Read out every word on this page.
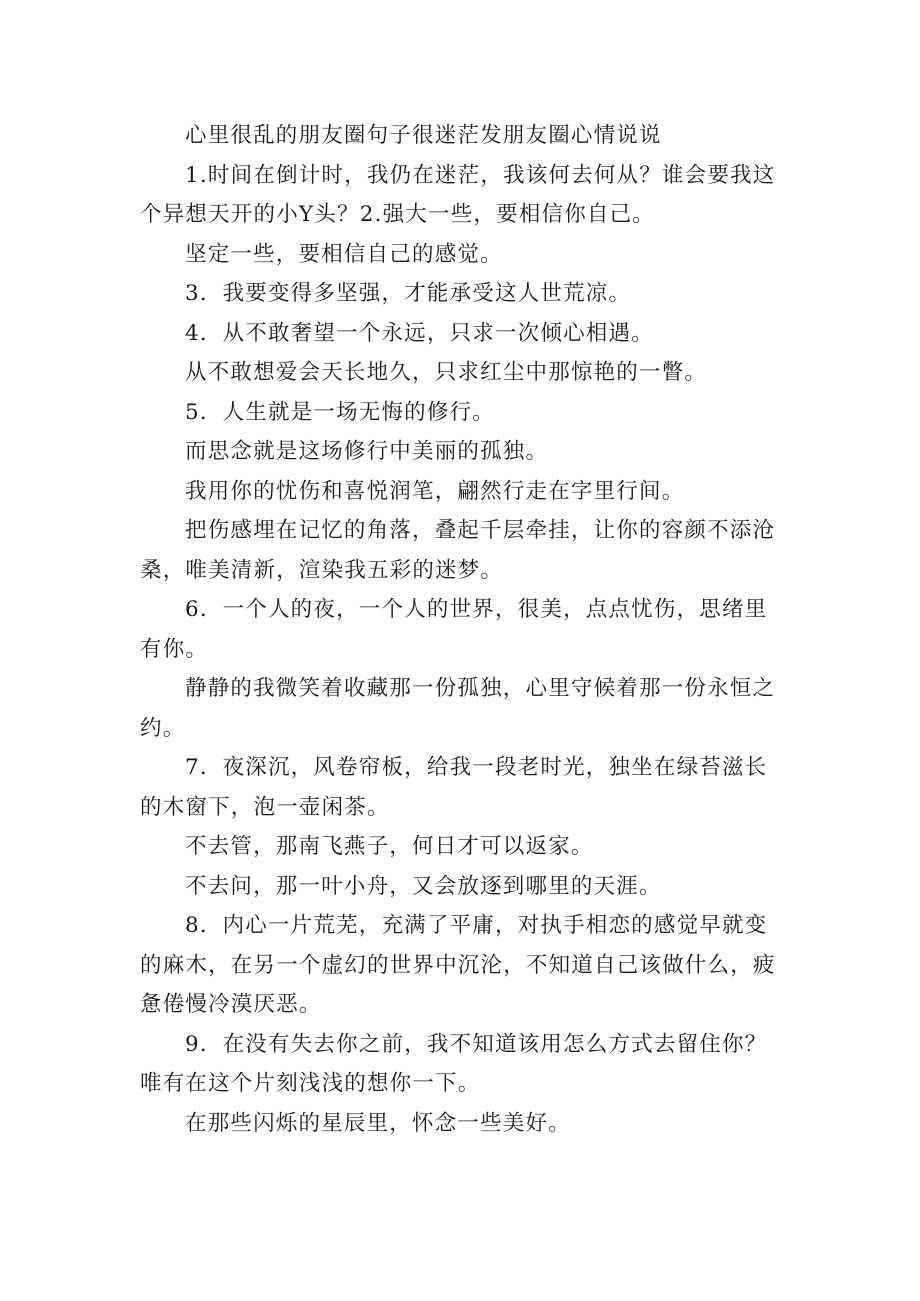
心里很乱的朋友圈句子很迷茫发朋友圈心情说说

1.时间在倒计时，我仍在迷茫，我该何去何从？谁会要我这个异想天开的小Y头？2.强大一些，要相信你自己。

坚定一些，要相信自己的感觉。

3．我要变得多坚强，才能承受这人世荒凉。

4．从不敢奢望一个永远，只求一次倾心相遇。

从不敢想爱会天长地久，只求红尘中那惊艳的一瞥。

5．人生就是一场无悔的修行。

而思念就是这场修行中美丽的孤独。

我用你的忧伤和喜悦润笔，翩然行走在字里行间。

把伤感埋在记忆的角落，叠起千层牵挂，让你的容颜不添沧桑，唯美清新，渲染我五彩的迷梦。

6．一个人的夜，一个人的世界，很美，点点忧伤，思绪里有你。

静静的我微笑着收藏那一份孤独，心里守候着那一份永恒之约。

7．夜深沉，风卷帘板，给我一段老时光，独坐在绿苔滋长的木窗下，泡一壶闲茶。

不去管，那南飞燕子，何日才可以返家。

不去问，那一叶小舟，又会放逐到哪里的天涯。

8．内心一片荒芜，充满了平庸，对执手相恋的感觉早就变的麻木，在另一个虚幻的世界中沉沦，不知道自己该做什么，疲惫倦慢冷漠厌恶。

9．在没有失去你之前，我不知道该用怎么方式去留住你？唯有在这个片刻浅浅的想你一下。

在那些闪烁的星辰里，怀念一些美好。
